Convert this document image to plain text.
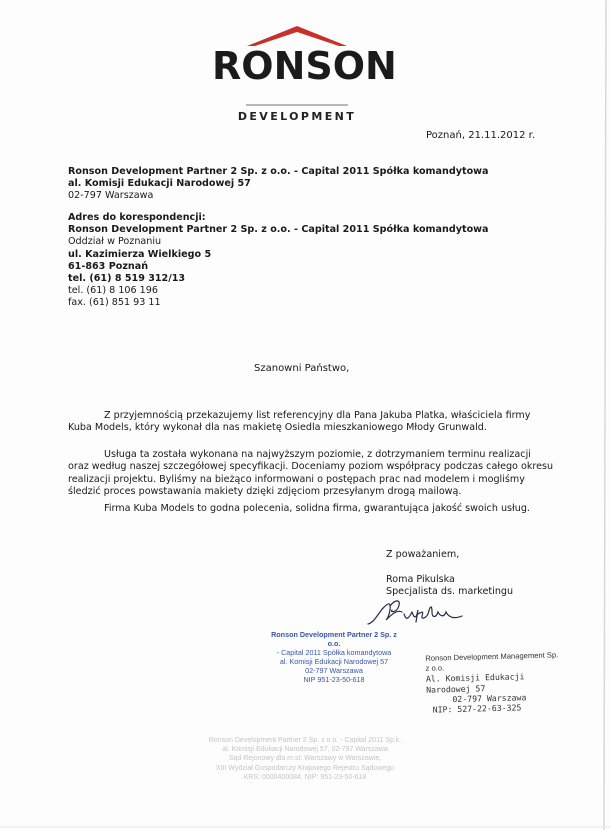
RONSON
DEVELOPMENT
Poznań, 21.11.2012 r.
Ronson Development Partner 2 Sp. z o.o. - Capital 2011 Spółka komandytowa
al. Komisji Edukacji Narodowej 57
02-797 Warszawa
Adres do korespondencji:
Ronson Development Partner 2 Sp. z o.o. - Capital 2011 Spółka komandytowa
Oddział w Poznaniu
ul. Kazimierza Wielkiego 5
61-863 Poznań
tel. (61) 8 519 312/13
tel. (61) 8 106 196
fax. (61) 851 93 11
Szanowni Państwo,
Z przyjemnością przekazujemy list referencyjny dla Pana Jakuba Platka, właściciela firmy
Kuba Models, który wykonał dla nas makietę Osiedla mieszkaniowego Młody Grunwald.
Usługa ta została wykonana na najwyższym poziomie, z dotrzymaniem terminu realizacji
oraz według naszej szczegółowej specyfikacji. Doceniamy poziom współpracy podczas całego okresu
realizacji projektu. Byliśmy na bieżąco informowani o postępach prac nad modelem i mogliśmy
śledzić proces powstawania makiety dzięki zdjęciom przesyłanym drogą mailową.
Firma Kuba Models to godna polecenia, solidna firma, gwarantująca jakość swoich usług.
Z poważaniem,
Roma Pikulska
Specjalista ds. marketingu
Ronson Development Partner 2 Sp. z o.o.
- Capital 2011 Spółka komandytowa
al. Komisji Edukacji Narodowej 57
02-797 Warszawa
NIP 951-23-50-618
Ronson Development Management Sp. z o.o.
Al. Komisji Edukacji Narodowej 57
02-797 Warszawa
NIP: 527-22-63-325
Ronson Development Partner 2 Sp. z o.o. - Capital 2011 Sp.k.
al. Komisji Edukacji Narodowej 57, 02-797 Warszawa
Sąd Rejonowy dla m.st. Warszawy w Warszawie,
XIII Wydział Gospodarczy Krajowego Rejestru Sądowego
KRS: 0000400084, NIP: 951-23-50-618
